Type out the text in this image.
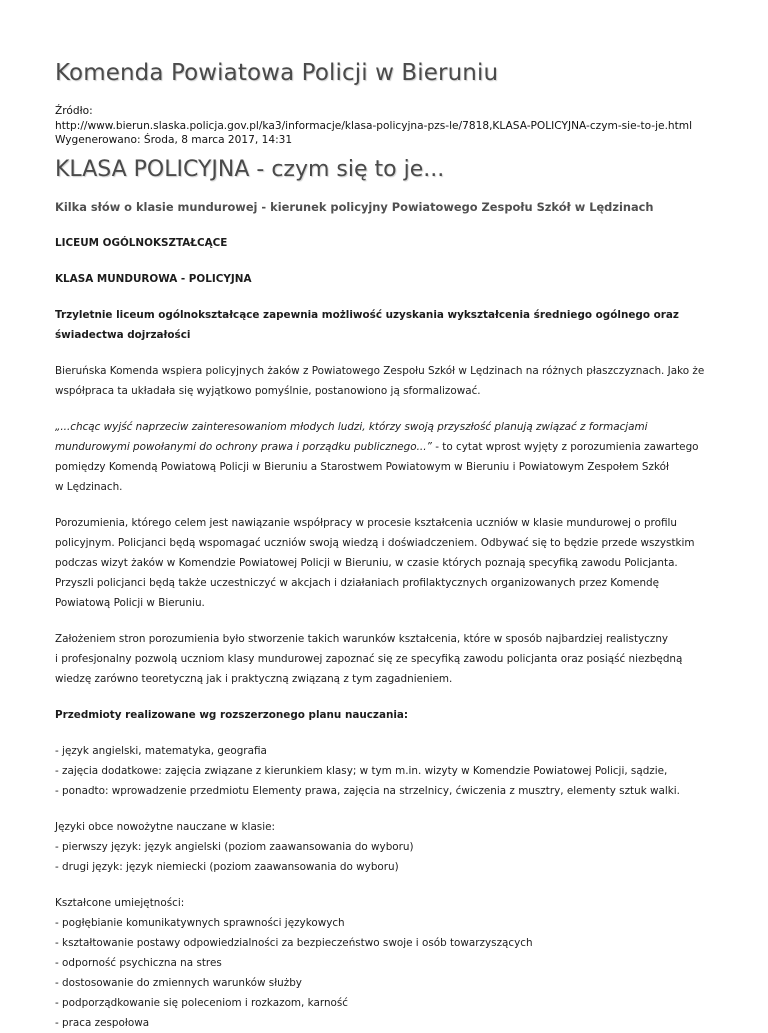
Komenda Powiatowa Policji w Bieruniu
Źródło:
http://www.bierun.slaska.policja.gov.pl/ka3/informacje/klasa-policyjna-pzs-le/7818,KLASA-POLICYJNA-czym-sie-to-je.html
Wygenerowano: Środa, 8 marca 2017, 14:31
KLASA POLICYJNA - czym się to je...
Kilka słów o klasie mundurowej - kierunek policyjny Powiatowego Zespołu Szkół w Lędzinach

LICEUM OGÓLNOKSZTAŁCĄCE

KLASA MUNDUROWA - POLICYJNA

Trzyletnie liceum ogólnokształcące zapewnia możliwość uzyskania wykształcenia średniego ogólnego oraz
świadectwa dojrzałości

Bieruńska Komenda wspiera policyjnych żaków z Powiatowego Zespołu Szkół w Lędzinach na różnych płaszczyznach. Jako że
współpraca ta układała się wyjątkowo pomyślnie, postanowiono ją sformalizować.

„...chcąc wyjść naprzeciw zainteresowaniom młodych ludzi, którzy swoją przyszłość planują związać z formacjami
mundurowymi powołanymi do ochrony prawa i porządku publicznego...” - to cytat wprost wyjęty z porozumienia zawartego
pomiędzy Komendą Powiatową Policji w Bieruniu a Starostwem Powiatowym w Bieruniu i Powiatowym Zespołem Szkół
w Lędzinach.

Porozumienia, którego celem jest nawiązanie współpracy w procesie kształcenia uczniów w klasie mundurowej o profilu
policyjnym. Policjanci będą wspomagać uczniów swoją wiedzą i doświadczeniem. Odbywać się to będzie przede wszystkim
podczas wizyt żaków w Komendzie Powiatowej Policji w Bieruniu, w czasie których poznają specyfiką zawodu Policjanta.
Przyszli policjanci będą także uczestniczyć w akcjach i działaniach profilaktycznych organizowanych przez Komendę
Powiatową Policji w Bieruniu.

Założeniem stron porozumienia było stworzenie takich warunków kształcenia, które w sposób najbardziej realistyczny
i profesjonalny pozwolą uczniom klasy mundurowej zapoznać się ze specyfiką zawodu policjanta oraz posiąść niezbędną
wiedzę zarówno teoretyczną jak i praktyczną związaną z tym zagadnieniem.

Przedmioty realizowane wg rozszerzonego planu nauczania:

- język angielski, matematyka, geografia
- zajęcia dodatkowe: zajęcia związane z kierunkiem klasy; w tym m.in. wizyty w Komendzie Powiatowej Policji, sądzie,
- ponadto: wprowadzenie przedmiotu Elementy prawa, zajęcia na strzelnicy, ćwiczenia z musztry, elementy sztuk walki.

Języki obce nowożytne nauczane w klasie:
- pierwszy język: język angielski (poziom zaawansowania do wyboru)
- drugi język: język niemiecki (poziom zaawansowania do wyboru)

Kształcone umiejętności:
- pogłębianie komunikatywnych sprawności językowych
- kształtowanie postawy odpowiedzialności za bezpieczeństwo swoje i osób towarzyszących
- odporność psychiczna na stres
- dostosowanie do zmiennych warunków służby
- podporządkowanie się poleceniom i rozkazom, karność
- praca zespołowa
